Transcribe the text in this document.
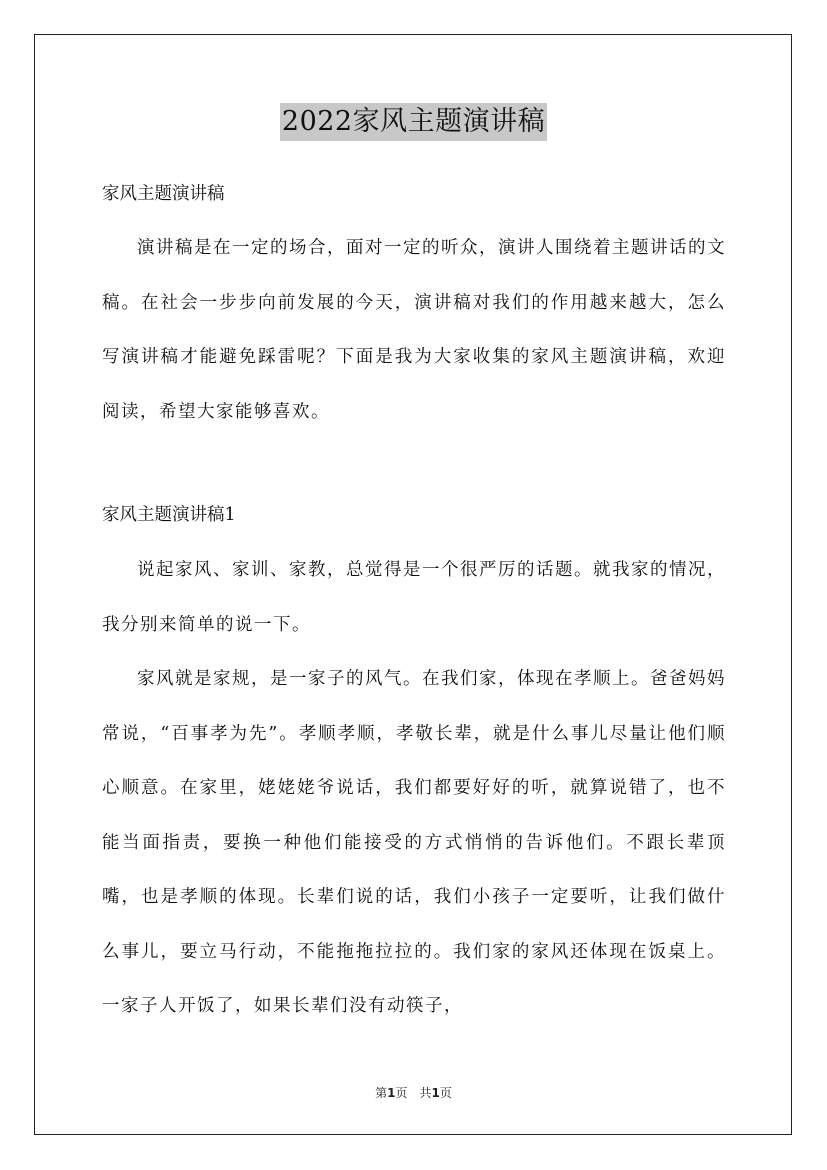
2022家风主题演讲稿
家风主题演讲稿

演讲稿是在一定的场合，面对一定的听众，演讲人围绕着主题讲话的文稿。在社会一步步向前发展的今天，演讲稿对我们的作用越来越大，怎么写演讲稿才能避免踩雷呢？下面是我为大家收集的家风主题演讲稿，欢迎阅读，希望大家能够喜欢。

家风主题演讲稿1

说起家风、家训、家教，总觉得是一个很严厉的话题。就我家的情况，我分别来简单的说一下。

家风就是家规，是一家子的风气。在我们家，体现在孝顺上。爸爸妈妈常说，“百事孝为先”。孝顺孝顺，孝敬长辈，就是什么事儿尽量让他们顺心顺意。在家里，姥姥姥爷说话，我们都要好好的听，就算说错了，也不能当面指责，要换一种他们能接受的方式悄悄的告诉他们。不跟长辈顶嘴，也是孝顺的体现。长辈们说的话，我们小孩子一定要听，让我们做什么事儿，要立马行动，不能拖拖拉拉的。我们家的家风还体现在饭桌上。一家子人开饭了，如果长辈们没有动筷子，

第1页 共1页
